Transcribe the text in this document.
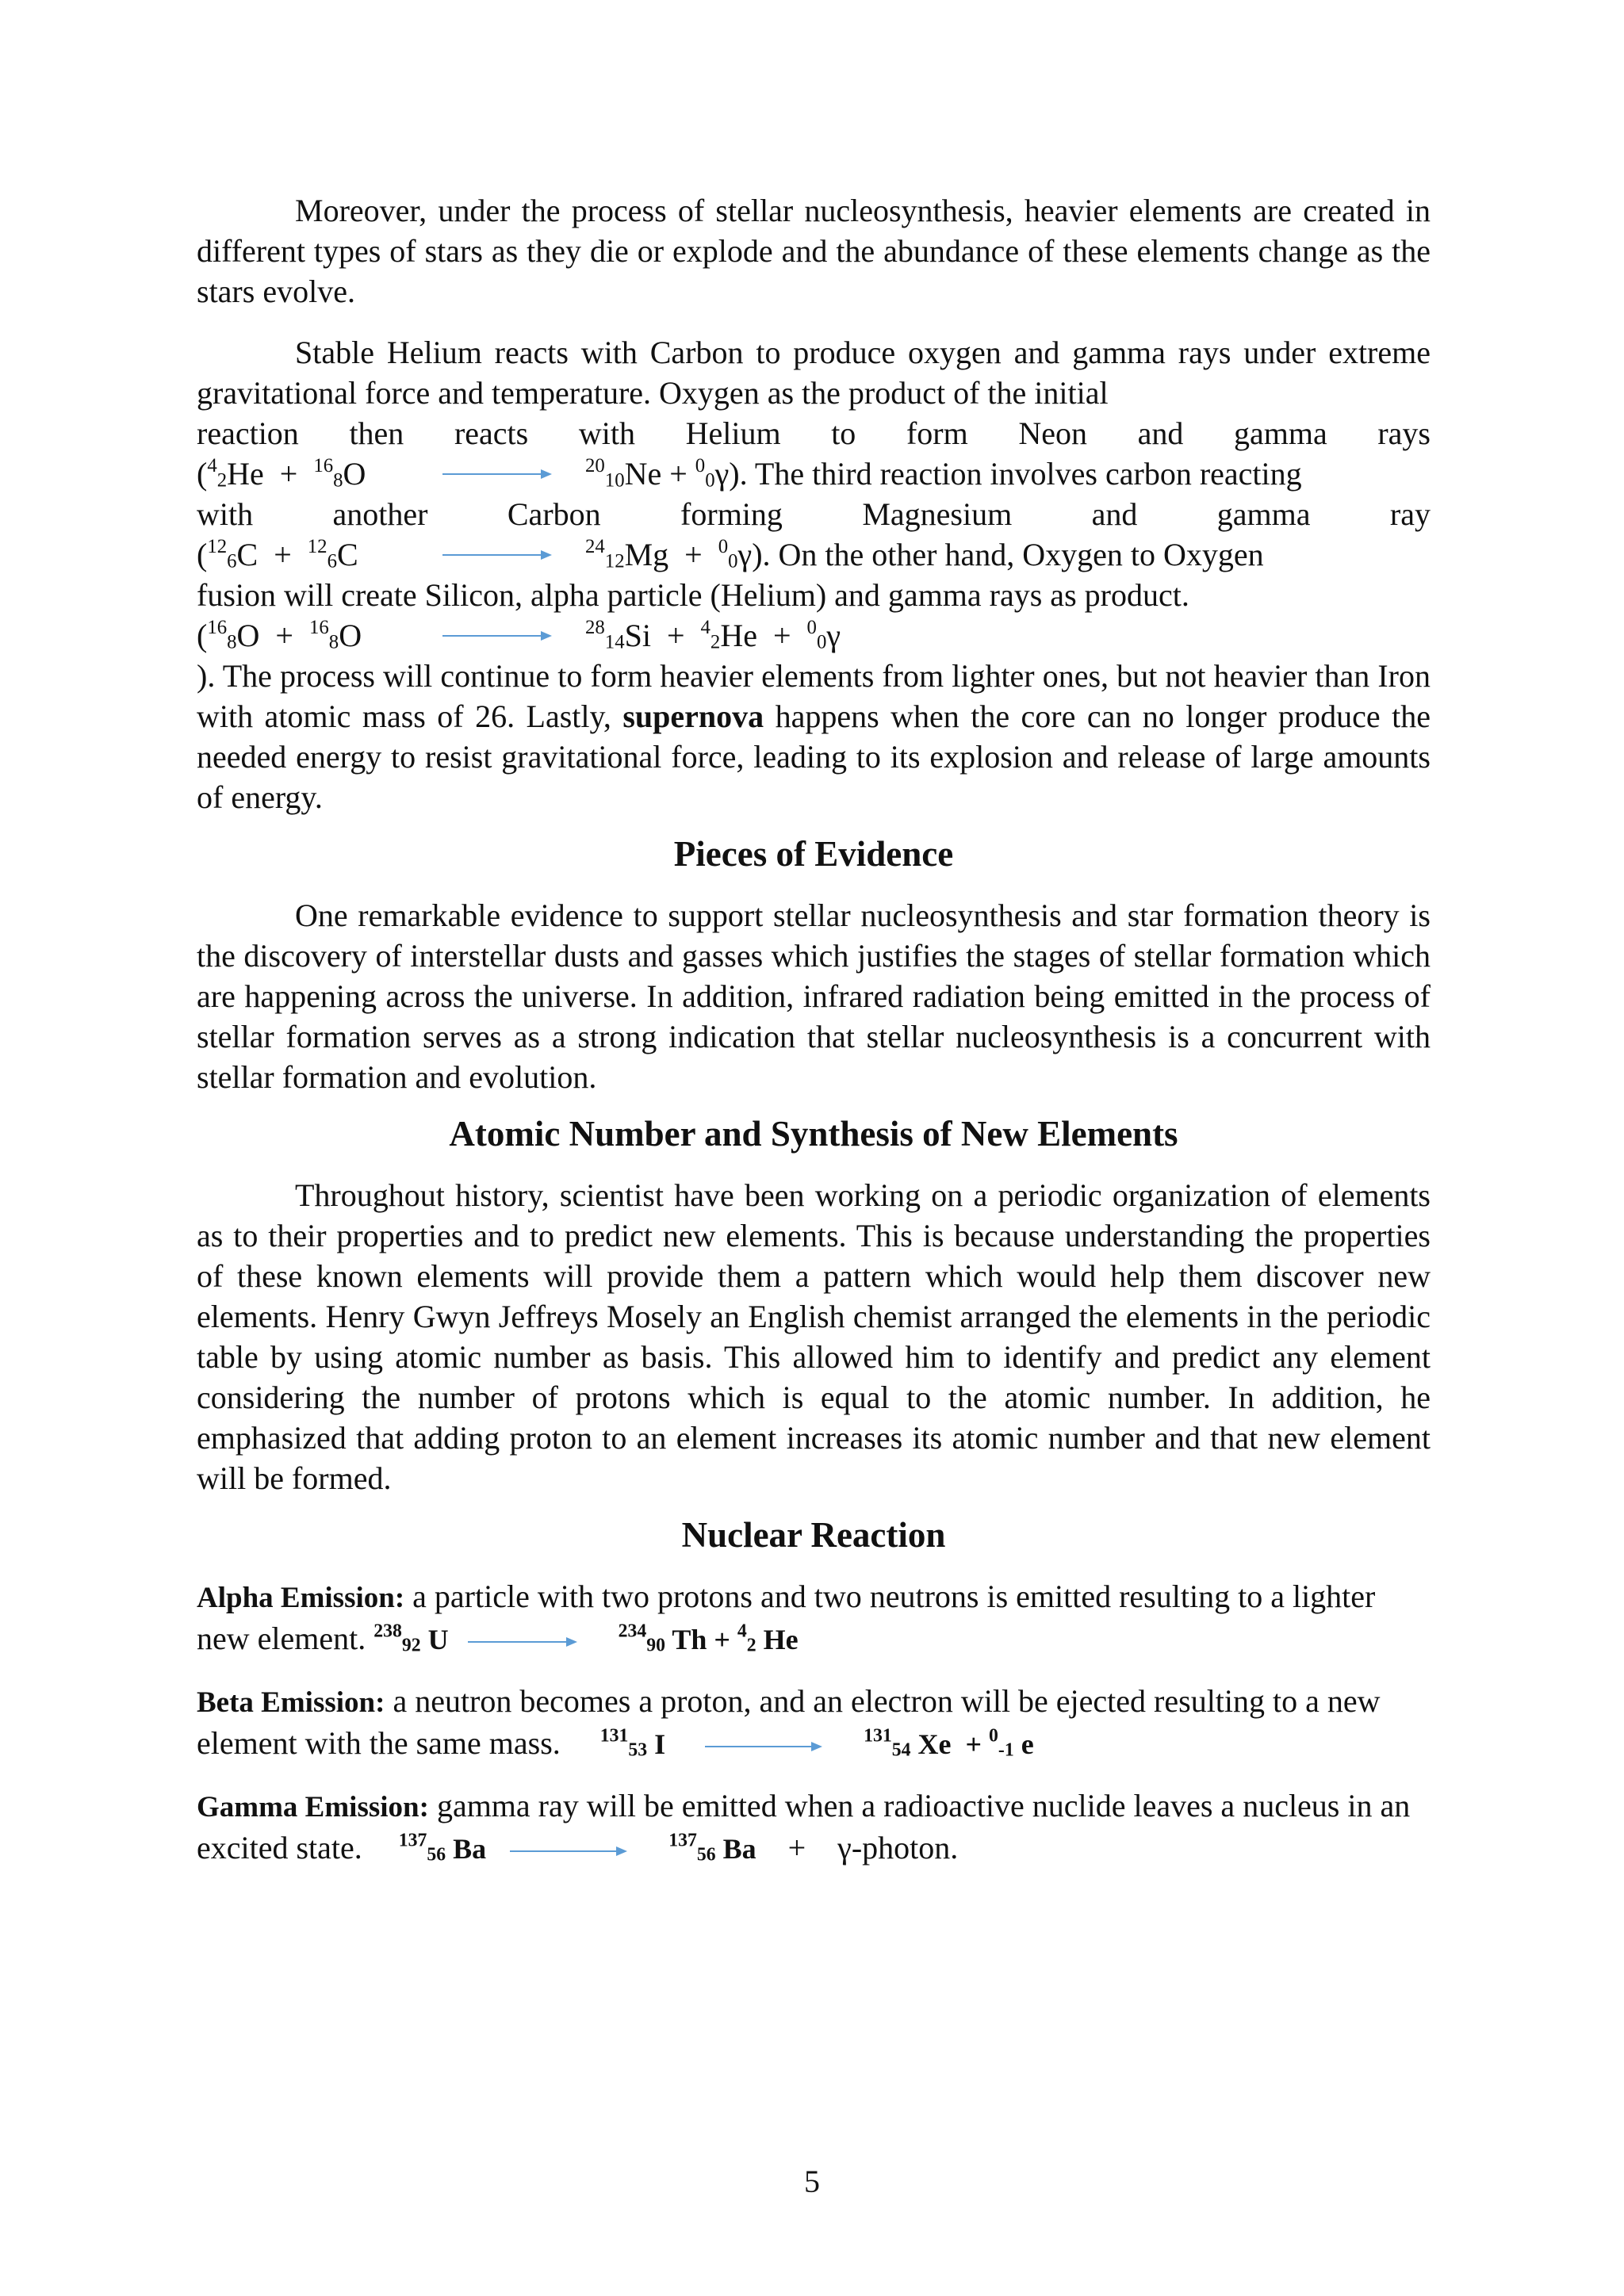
Moreover, under the process of stellar nucleosynthesis, heavier elements are created in different types of stars as they die or explode and the abundance of these elements change as the stars evolve.

Stable Helium reacts with Carbon to produce oxygen and gamma rays under extreme gravitational force and temperature. Oxygen as the product of the initial
reaction then reacts with Helium to form Neon and gamma rays
($^4_2$He  +  $^{16}_8$O	→ $^{20}_{10}$Ne + $^0_0$γ ). The third reaction involves carbon reacting
with another Carbon forming Magnesium and gamma ray
($^{12}_6$C  +  $^{12}_6$C	→ $^{24}_{12}$Mg  +  $^0_0$γ ). On the other hand, Oxygen to Oxygen
fusion will create Silicon, alpha particle (Helium) and gamma rays as product.
($^{16}_8$O  +  $^{16}_8$O	→ $^{28}_{14}$Si  +  $^4_2$He  +  $^0_0$γ
). The process will continue to form heavier elements from lighter ones, but not heavier than Iron with atomic mass of 26. Lastly, supernova happens when the core can no longer produce the needed energy to resist gravitational force, leading to its explosion and release of large amounts of energy.
Pieces of Evidence

One remarkable evidence to support stellar nucleosynthesis and star formation theory is the discovery of interstellar dusts and gasses which justifies the stages of stellar formation which are happening across the universe. In addition, infrared radiation being emitted in the process of stellar formation serves as a strong indication that stellar nucleosynthesis is a concurrent with stellar formation and evolution.

Atomic Number and Synthesis of New Elements

Throughout history, scientist have been working on a periodic organization of elements as to their properties and to predict new elements. This is because understanding the properties of these known elements will provide them a pattern which would help them discover new elements. Henry Gwyn Jeffreys Mosely an English chemist arranged the elements in the periodic table by using atomic number as basis. This allowed him to identify and predict any element considering the number of protons which is equal to the atomic number. In addition, he emphasized that adding proton to an element increases its atomic number and that new element will be formed.

Nuclear Reaction

Alpha Emission: a particle with two protons and two neutrons is emitted resulting to a lighter new element. $^{238}_{92}$ U → $^{234}_{90}$ Th + $^4_2$ He

Beta Emission: a neutron becomes a proton, and an electron will be ejected resulting to a new element with the same mass. $^{131}_{53}$ I → $^{131}_{54}$ Xe  + $^0_{-1}$ e

Gamma Emission: gamma ray will be emitted when a radioactive nuclide leaves a nucleus in an excited state. $^{137}_{56}$ Ba → $^{137}_{56}$ Ba + γ-photon.

5
